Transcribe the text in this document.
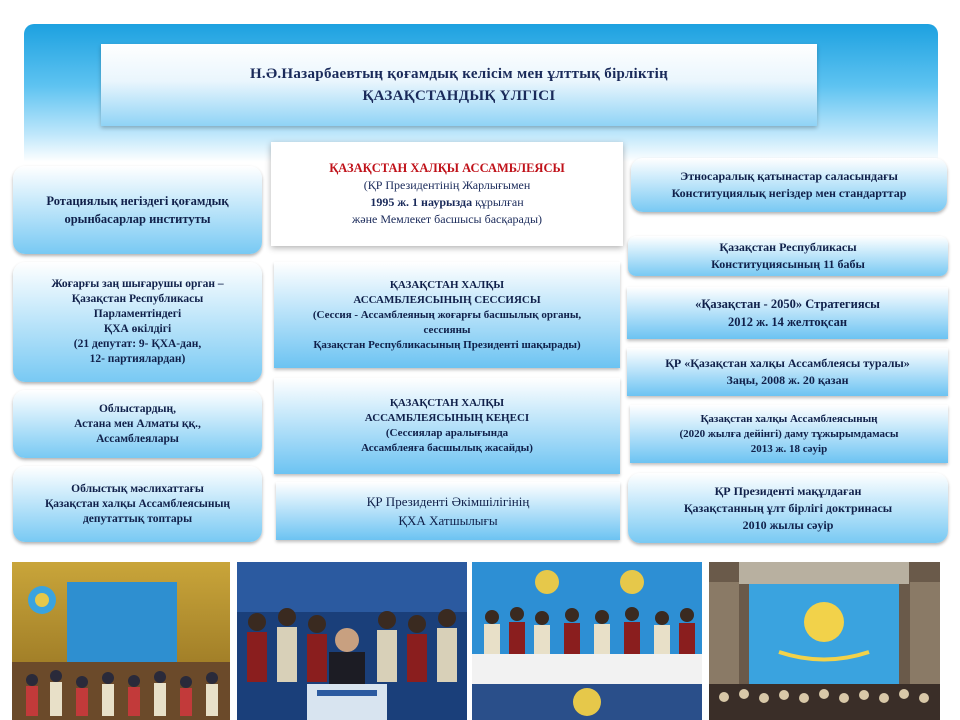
Н.Ә.Назарбаевтың қоғамдық келісім мен ұлттық бірліктің
ҚАЗАҚСТАНДЫҚ ҮЛГІСІ
ҚАЗАҚСТАН ХАЛҚЫ АССАМБЛЕЯСЫ
(ҚР Президентінің Жарлығымен
1995 ж. 1 наурызда құрылған
және Мемлекет басшысы басқарады)
Ротациялық негіздегі қоғамдық
орынбасарлар институты
Жоғарғы заң шығарушы орган –
Қазақстан Республикасы
Парламентіндегі
ҚХА өкілдігі
(21 депутат: 9- ҚХА-дан,
12- партиялардан)
Облыстардың,
Астана мен Алматы ққ.,
Ассамблеялары
Облыстық мәслихаттағы
Қазақстан халқы Ассамблеясының
депутаттық топтары
ҚАЗАҚСТАН ХАЛҚЫ
АССАМБЛЕЯСЫНЫҢ СЕССИЯСЫ
(Сессия - Ассамблеяның жоғарғы басшылық органы,
сессияны
Қазақстан Республикасының Президенті шақырады)
ҚАЗАҚСТАН ХАЛҚЫ
АССАМБЛЕЯСЫНЫҢ КЕҢЕСІ
(Сессиялар аралығында
Ассамблеяға басшылық жасайды)
ҚР Президенті Әкімшілігінің
ҚХА Хатшылығы
Этносаралық қатынастар саласындағы
Конституциялық негіздер мен стандарттар
Қазақстан Республикасы
Конституциясының 11 бабы
«Қазақстан - 2050» Стратегиясы
2012 ж. 14 желтоқсан
ҚР «Қазақстан халқы Ассамблеясы туралы»
Заңы, 2008 ж. 20 қазан
Қазақстан халқы Ассамблеясының
(2020 жылға дейінгі) даму тұжырымдамасы
2013 ж. 18 сәуір
ҚР Президенті мақұлдаған
Қазақстанның ұлт бірлігі доктринасы
2010 жылы сәуір
